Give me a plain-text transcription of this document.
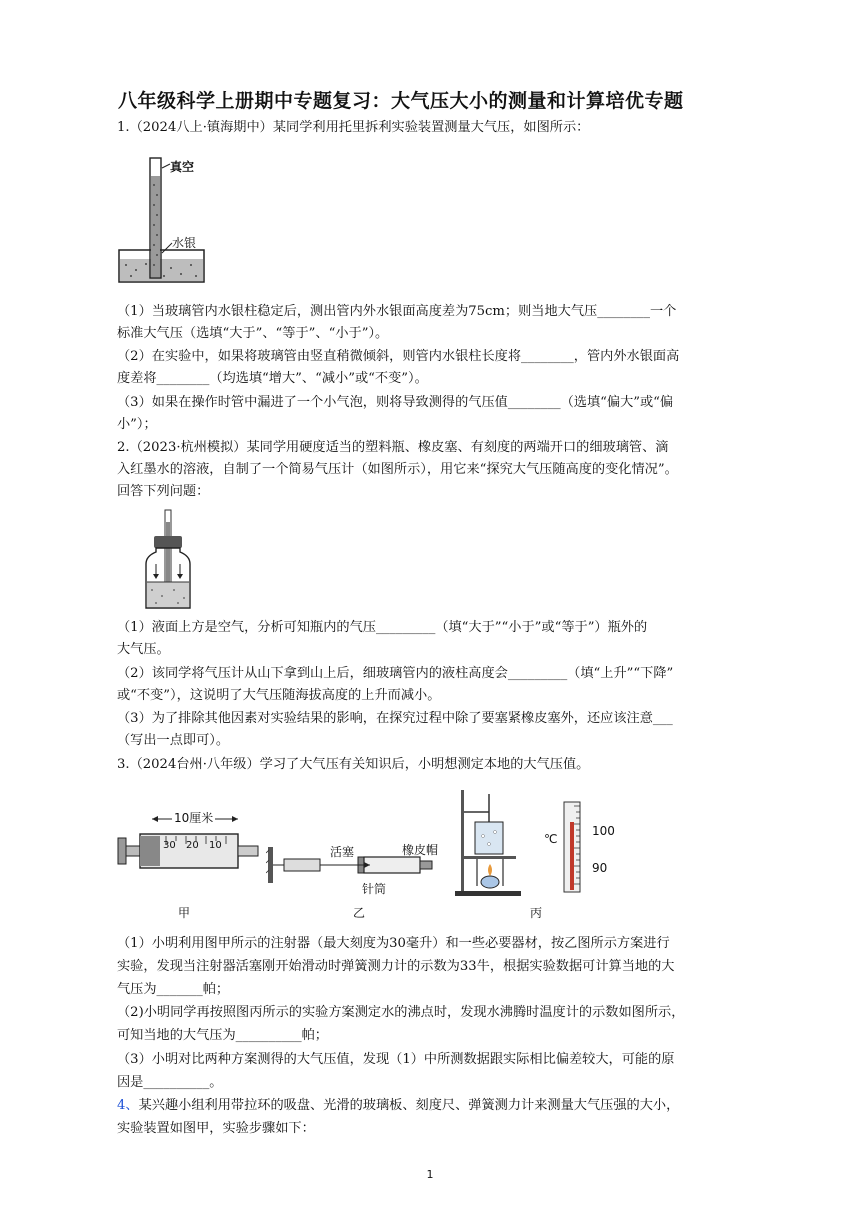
八年级科学上册期中专题复习：大气压大小的测量和计算培优专题
1.（2024八上·镇海期中）某同学利用托里拆利实验装置测量大气压，如图所示：
真空
水银
（1）当玻璃管内水银柱稳定后，测出管内外水银面高度差为75cm；则当地大气压________一个
标准大气压（选填“大于”、“等于”、“小于”）。
（2）在实验中，如果将玻璃管由竖直稍微倾斜，则管内水银柱长度将________，管内外水银面高
度差将________（均选填“增大”、“减小”或“不变”）。
（3）如果在操作时管中漏进了一个小气泡，则将导致测得的气压值________（选填“偏大”或“偏
小”）；
2.（2023·杭州模拟）某同学用硬度适当的塑料瓶、橡皮塞、有刻度的两端开口的细玻璃管、滴
入红墨水的溶液，自制了一个简易气压计（如图所示），用它来“探究大气压随高度的变化情况”。
回答下列问题：
（1）液面上方是空气，分析可知瓶内的气压_________（填“大于”“小于”或“等于”）瓶外的
大气压。
（2）该同学将气压计从山下拿到山上后，细玻璃管内的液柱高度会_________（填“上升”“下降”
或“不变”），这说明了大气压随海拔高度的上升而减小。
（3）为了排除其他因素对实验结果的影响，在探究过程中除了要塞紧橡皮塞外，还应该注意___
（写出一点即可）。
3.（2024台州·八年级）学习了大气压有关知识后，小明想测定本地的大气压值。
30 20 10
10厘米
活塞	橡皮帽
针筒
℃
100
90
甲	乙	丙
（1）小明利用图甲所示的注射器（最大刻度为30毫升）和一些必要器材，按乙图所示方案进行
实验，发现当注射器活塞刚开始滑动时弹簧测力计的示数为33牛，根据实验数据可计算当地的大
气压为_______帕；
（2)小明同学再按照图丙所示的实验方案测定水的沸点时，发现水沸腾时温度计的示数如图所示，
可知当地的大气压为__________帕；
（3）小明对比两种方案测得的大气压值，发现（1）中所测数据跟实际相比偏差较大，可能的原
因是__________。
4、某兴趣小组利用带拉环的吸盘、光滑的玻璃板、刻度尺、弹簧测力计来测量大气压强的大小，
实验装置如图甲，实验步骤如下：
1
